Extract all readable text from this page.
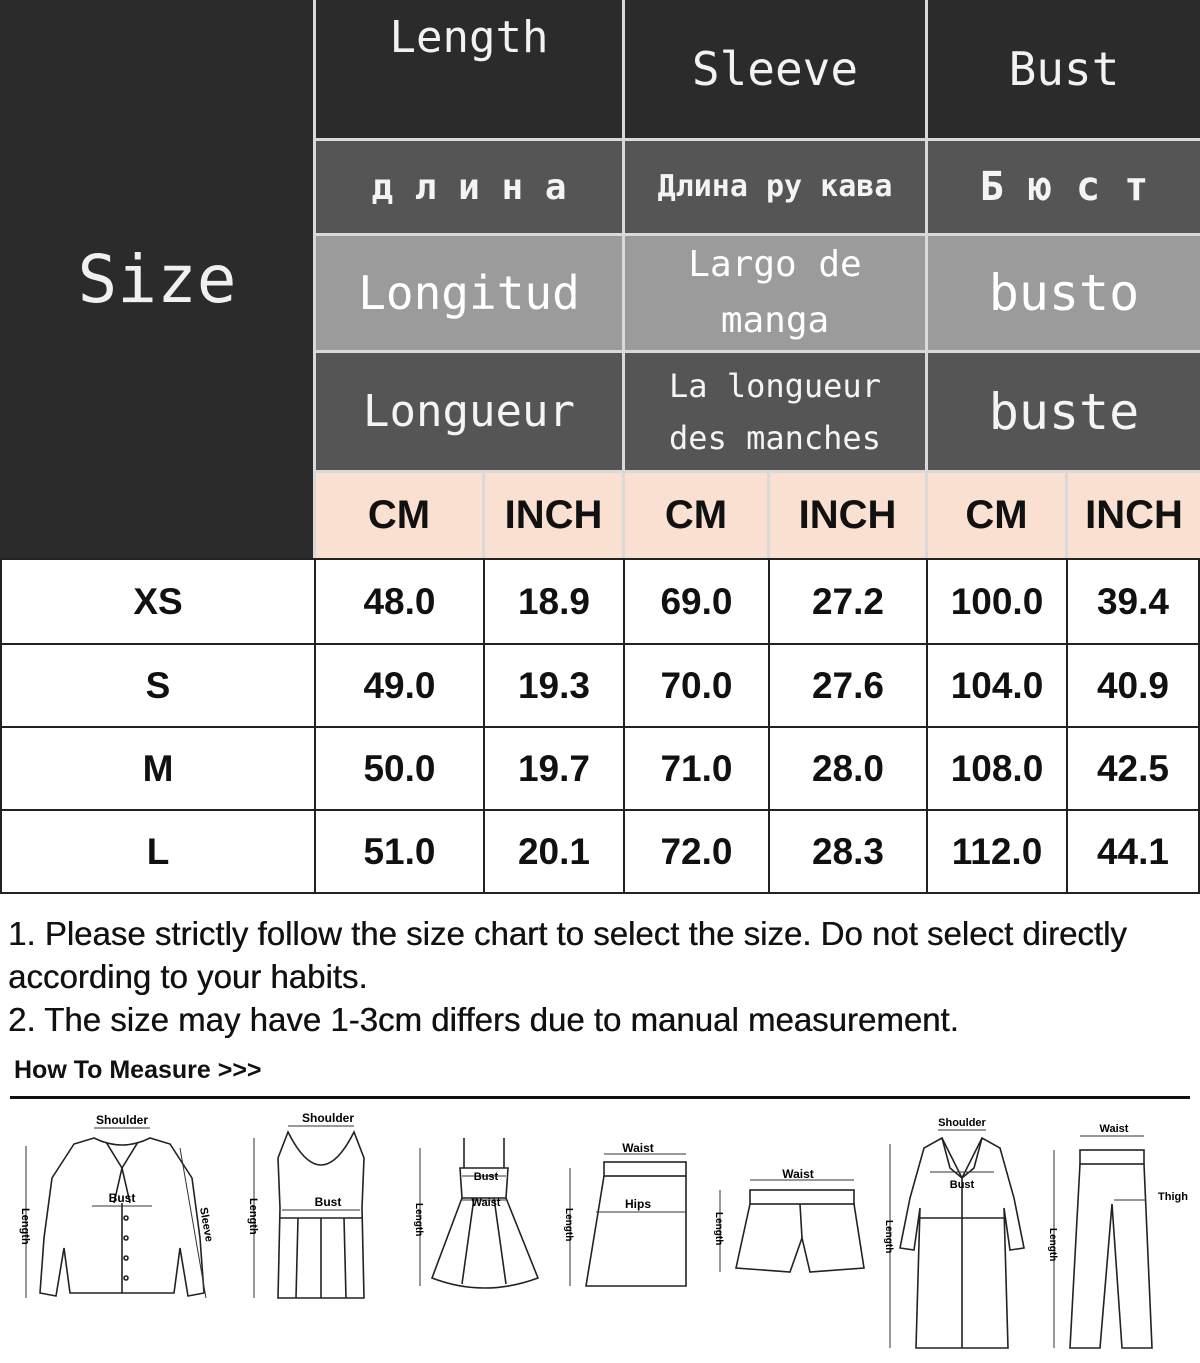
Size
Length
д л и н а
Longitud
Longueur
Sleeve
Длина ру кава
Largo de manga
La longueur des manches
Bust
Б ю с т
busto
buste
CM INCH CM INCH CM INCH
XS	48.0 18.9 69.0 27.2 100.0 39.4
S	49.0 19.3 70.0 27.6 104.0 40.9
M	50.0 19.7 71.0 28.0 108.0 42.5
L	51.0 20.1 72.0 28.3 112.0 44.1

1. Please strictly follow the size chart to select the size. Do not select directly according to your habits.

2. The size may have 1-3cm differs due to manual measurement.

How To Measure >>>
Shoulder
Bust
Sleeve
Length
Shoulder
Bust
Length
Bust
Waist
Length
Waist
Hips
Length
Waist
Length
Shoulder
Bust
Length
Waist
Thigh
Length
